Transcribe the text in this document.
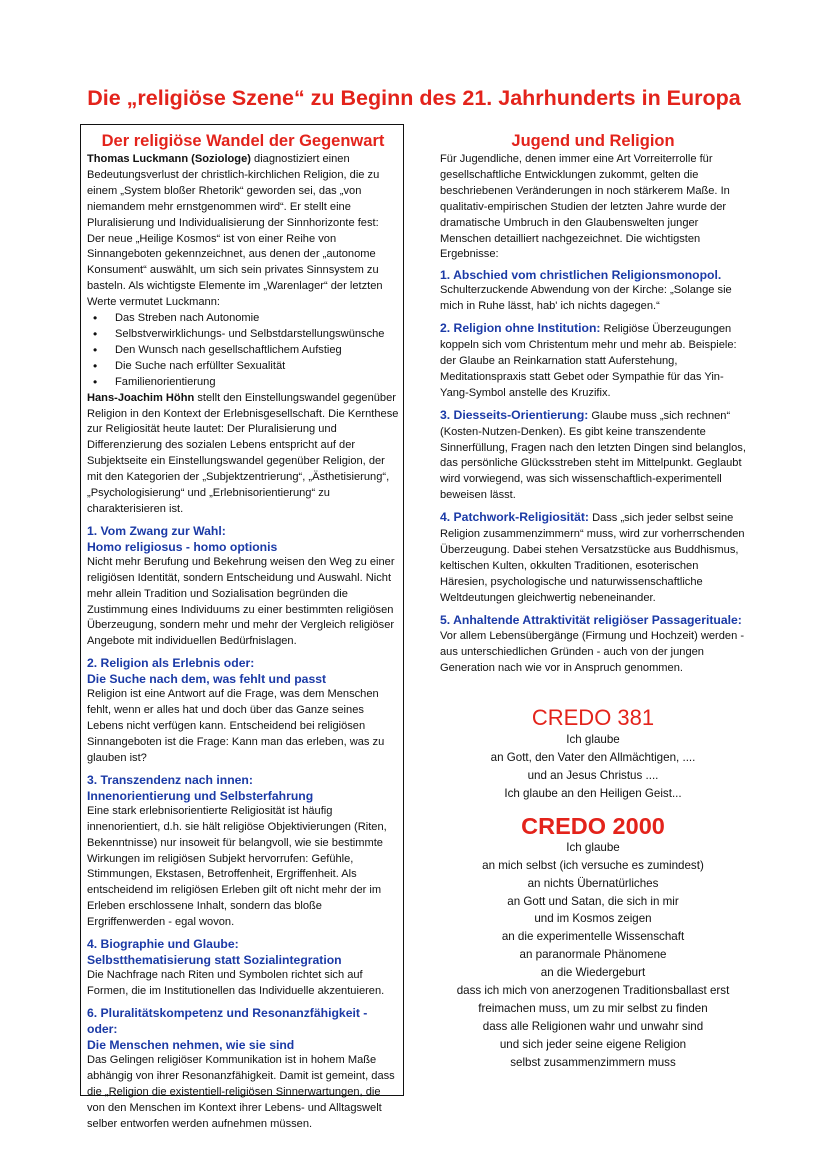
Die „religiöse Szene“ zu Beginn des 21. Jahrhunderts in Europa
Der religiöse Wandel der Gegenwart

Thomas Luckmann (Soziologe) diagnostiziert einen Bedeutungsverlust der christlich-kirchlichen Religion, die zu einem „System bloßer Rhetorik“ geworden sei, das „von niemandem mehr ernstgenommen wird“. Er stellt eine Pluralisierung und Individualisierung der Sinnhorizonte fest: Der neue „Heilige Kosmos“ ist von einer Reihe von Sinnangeboten gekennzeichnet, aus denen der „autonome Konsument“ auswählt, um sich sein privates Sinnsystem zu basteln. Als wichtigste Elemente im „Warenlager“ der letzten Werte vermutet Luckmann:

• Das Streben nach Autonomie
• Selbstverwirklichungs- und Selbstdarstellungswünsche
• Den Wunsch nach gesellschaftlichem Aufstieg
• Die Suche nach erfüllter Sexualität
• Familienorientierung

Hans-Joachim Höhn stellt den Einstellungswandel gegenüber Religion in den Kontext der Erlebnisgesellschaft. Die Kernthese zur Religiosität heute lautet: Der Pluralisierung und Differenzierung des sozialen Lebens entspricht auf der Subjektseite ein Einstellungswandel gegenüber Religion, der mit den Kategorien der „Subjektzentrierung“, „Ästhetisierung“, „Psychologisierung“ und „Erlebnisorientierung“ zu charakterisieren ist.

1. Vom Zwang zur Wahl:
Homo religiosus - homo optionis

Nicht mehr Berufung und Bekehrung weisen den Weg zu einer religiösen Identität, sondern Entscheidung und Auswahl. Nicht mehr allein Tradition und Sozialisation begründen die Zustimmung eines Individuums zu einer bestimmten religiösen Überzeugung, sondern mehr und mehr der Vergleich religiöser Angebote mit individuellen Bedürfnislagen.

2. Religion als Erlebnis oder:
Die Suche nach dem, was fehlt und passt

Religion ist eine Antwort auf die Frage, was dem Menschen fehlt, wenn er alles hat und doch über das Ganze seines Lebens nicht verfügen kann. Entscheidend bei religiösen Sinnangeboten ist die Frage: Kann man das erleben, was zu glauben ist?

3. Transzendenz nach innen:
Innenorientierung und Selbsterfahrung

Eine stark erlebnisorientierte Religiosität ist häufig innenorientiert, d.h. sie hält religiöse Objektivierungen (Riten, Bekenntnisse) nur insoweit für belangvoll, wie sie bestimmte Wirkungen im religiösen Subjekt hervorrufen: Gefühle, Stimmungen, Ekstasen, Betroffenheit, Ergriffenheit. Als entscheidend im religiösen Erleben gilt oft nicht mehr der im Erleben erschlossene Inhalt, sondern das bloße Ergriffenwerden - egal wovon.

4. Biographie und Glaube:
Selbstthematisierung statt Sozialintegration

Die Nachfrage nach Riten und Symbolen richtet sich auf Formen, die im Institutionellen das Individuelle akzentuieren.

6. Pluralitätskompetenz und Resonanzfähigkeit - oder:
Die Menschen nehmen, wie sie sind

Das Gelingen religiöser Kommunikation ist in hohem Maße abhängig von ihrer Resonanzfähigkeit. Damit ist gemeint, dass die „Religion die existentiell-religiösen Sinnerwartungen, die von den Menschen im Kontext ihrer Lebens- und Alltagswelt selber entworfen werden aufnehmen müssen.

Jugend und Religion

Für Jugendliche, denen immer eine Art Vorreiterrolle für gesellschaftliche Entwicklungen zukommt, gelten die beschriebenen Veränderungen in noch stärkerem Maße. In qualitativ-empirischen Studien der letzten Jahre wurde der dramatische Umbruch in den Glaubenswelten junger Menschen detailliert nachgezeichnet. Die wichtigsten Ergebnisse:

1. Abschied vom christlichen Religionsmonopol.

Schulterzuckende Abwendung von der Kirche: „Solange sie mich in Ruhe lässt, hab' ich nichts dagegen.“

2. Religion ohne Institution: Religiöse Überzeugungen koppeln sich vom Christentum mehr und mehr ab. Beispiele: der Glaube an Reinkarnation statt Auferstehung, Meditationspraxis statt Gebet oder Sympathie für das Yin-Yang-Symbol anstelle des Kruzifix.

3. Diesseits-Orientierung: Glaube muss „sich rechnen“ (Kosten-Nutzen-Denken). Es gibt keine transzendente Sinnerfüllung, Fragen nach den letzten Dingen sind belanglos, das persönliche Glücksstreben steht im Mittelpunkt. Geglaubt wird vorwiegend, was sich wissenschaftlich-experimentell beweisen lässt.

4. Patchwork-Religiosität: Dass „sich jeder selbst seine Religion zusammenzimmern“ muss, wird zur vorherrschenden Überzeugung. Dabei stehen Versatzstücke aus Buddhismus, keltischen Kulten, okkulten Traditionen, esoterischen Häresien, psychologische und naturwissenschaftliche Weltdeutungen gleichwertig nebeneinander.

5. Anhaltende Attraktivität religiöser Passagerituale: Vor allem Lebensübergänge (Firmung und Hochzeit) werden - aus unterschiedlichen Gründen - auch von der jungen Generation nach wie vor in Anspruch genommen.

CREDO 381

Ich glaube

an Gott, den Vater den Allmächtigen, ....

und an Jesus Christus ....

Ich glaube an den Heiligen Geist...

CREDO 2000

Ich glaube

an mich selbst (ich versuche es zumindest)

an nichts Übernatürliches

an Gott und Satan, die sich in mir

und im Kosmos zeigen

an die experimentelle Wissenschaft

an paranormale Phänomene

an die Wiedergeburt

dass ich mich von anerzogenen Traditionsballast erst

freimachen muss, um zu mir selbst zu finden

dass alle Religionen wahr und unwahr sind

und sich jeder seine eigene Religion

selbst zusammenzimmern muss
